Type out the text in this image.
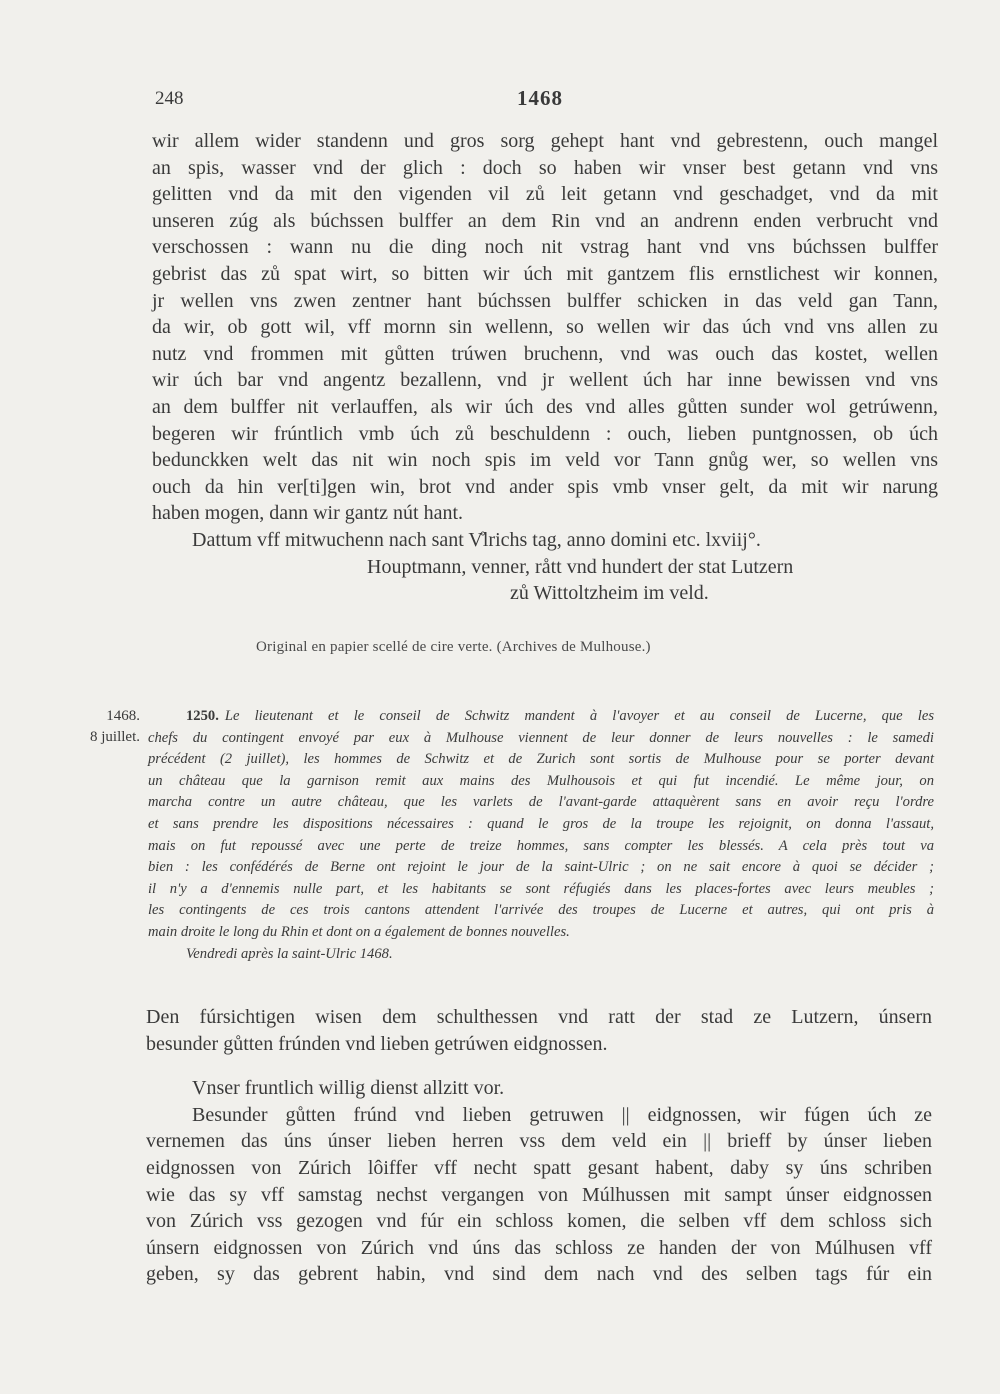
248	1468
wir allem wider standenn und gros sorg gehept hant vnd gebrestenn, ouch mangel
an spis, wasser vnd der glich : doch so haben wir vnser best getann vnd vns
gelitten vnd da mit den vigenden vil zů leit getann vnd geschadget, vnd da mit
unseren zúg als búchssen bulffer an dem Rin vnd an andrenn enden verbrucht vnd
verschossen : wann nu die ding noch nit vstrag hant vnd vns búchssen bulffer
gebrist das zů spat wirt, so bitten wir úch mit gantzem flis ernstlichest wir konnen,
jr wellen vns zwen zentner hant búchssen bulffer schicken in das veld gan Tann,
da wir, ob gott wil, vff mornn sin wellenn, so wellen wir das úch vnd vns allen zu
nutz vnd frommen mit gůtten trúwen bruchenn, vnd was ouch das kostet, wellen
wir úch bar vnd angentz bezallenn, vnd jr wellent úch har inne bewissen vnd vns
an dem bulffer nit verlauffen, als wir úch des vnd alles gůtten sunder wol getrúwenn,
begeren wir frúntlich vmb úch zů beschuldenn : ouch, lieben puntgnossen, ob úch
bedunckken welt das nit win noch spis im veld vor Tann gnůg wer, so wellen vns
ouch da hin ver[ti]gen win, brot vnd ander spis vmb vnser gelt, da mit wir narung
haben mogen, dann wir gantz nút hant.
Dattum vff mitwuchenn nach sant V̊lrichs tag, anno domini etc. lxviij°.
Houptmann, venner, rått vnd hundert der stat Lutzern
zů Wittoltzheim im veld.
Original en papier scellé de cire verte. (Archives de Mulhouse.)
1468.
8 juillet.
1250. Le lieutenant et le conseil de Schwitz mandent à l'avoyer et au conseil de Lucerne, que les
chefs du contingent envoyé par eux à Mulhouse viennent de leur donner de leurs nouvelles : le samedi
précédent (2 juillet), les hommes de Schwitz et de Zurich sont sortis de Mulhouse pour se porter devant
un château que la garnison remit aux mains des Mulhousois et qui fut incendié. Le même jour, on
marcha contre un autre château, que les varlets de l'avant-garde attaquèrent sans en avoir reçu l'ordre
et sans prendre les dispositions nécessaires : quand le gros de la troupe les rejoignit, on donna l'assaut,
mais on fut repoussé avec une perte de treize hommes, sans compter les blessés. A cela près tout va
bien : les confédérés de Berne ont rejoint le jour de la saint-Ulric ; on ne sait encore à quoi se décider ;
il n'y a d'ennemis nulle part, et les habitants se sont réfugiés dans les places-fortes avec leurs meubles ;
les contingents de ces trois cantons attendent l'arrivée des troupes de Lucerne et autres, qui ont pris à
main droite le long du Rhin et dont on a également de bonnes nouvelles.
Vendredi après la saint-Ulric 1468.
Den fúrsichtigen wisen dem schulthessen vnd ratt der stad ze Lutzern, únsern
besunder gůtten frúnden vnd lieben getrúwen eidgnossen.
Vnser fruntlich willig dienst allzitt vor.
Besunder gůtten frúnd vnd lieben getruwen || eidgnossen, wir fúgen úch ze
vernemen das úns únser lieben herren vss dem veld ein || brieff by únser lieben
eidgnossen von Zúrich lôiffer vff necht spatt gesant habent, daby sy úns schriben
wie das sy vff samstag nechst vergangen von Múlhussen mit sampt únser eidgnossen
von Zúrich vss gezogen vnd fúr ein schloss komen, die selben vff dem schloss sich
únsern eidgnossen von Zúrich vnd úns das schloss ze handen der von Múlhusen vff
geben, sy das gebrent habin, vnd sind dem nach vnd des selben tags fúr ein
